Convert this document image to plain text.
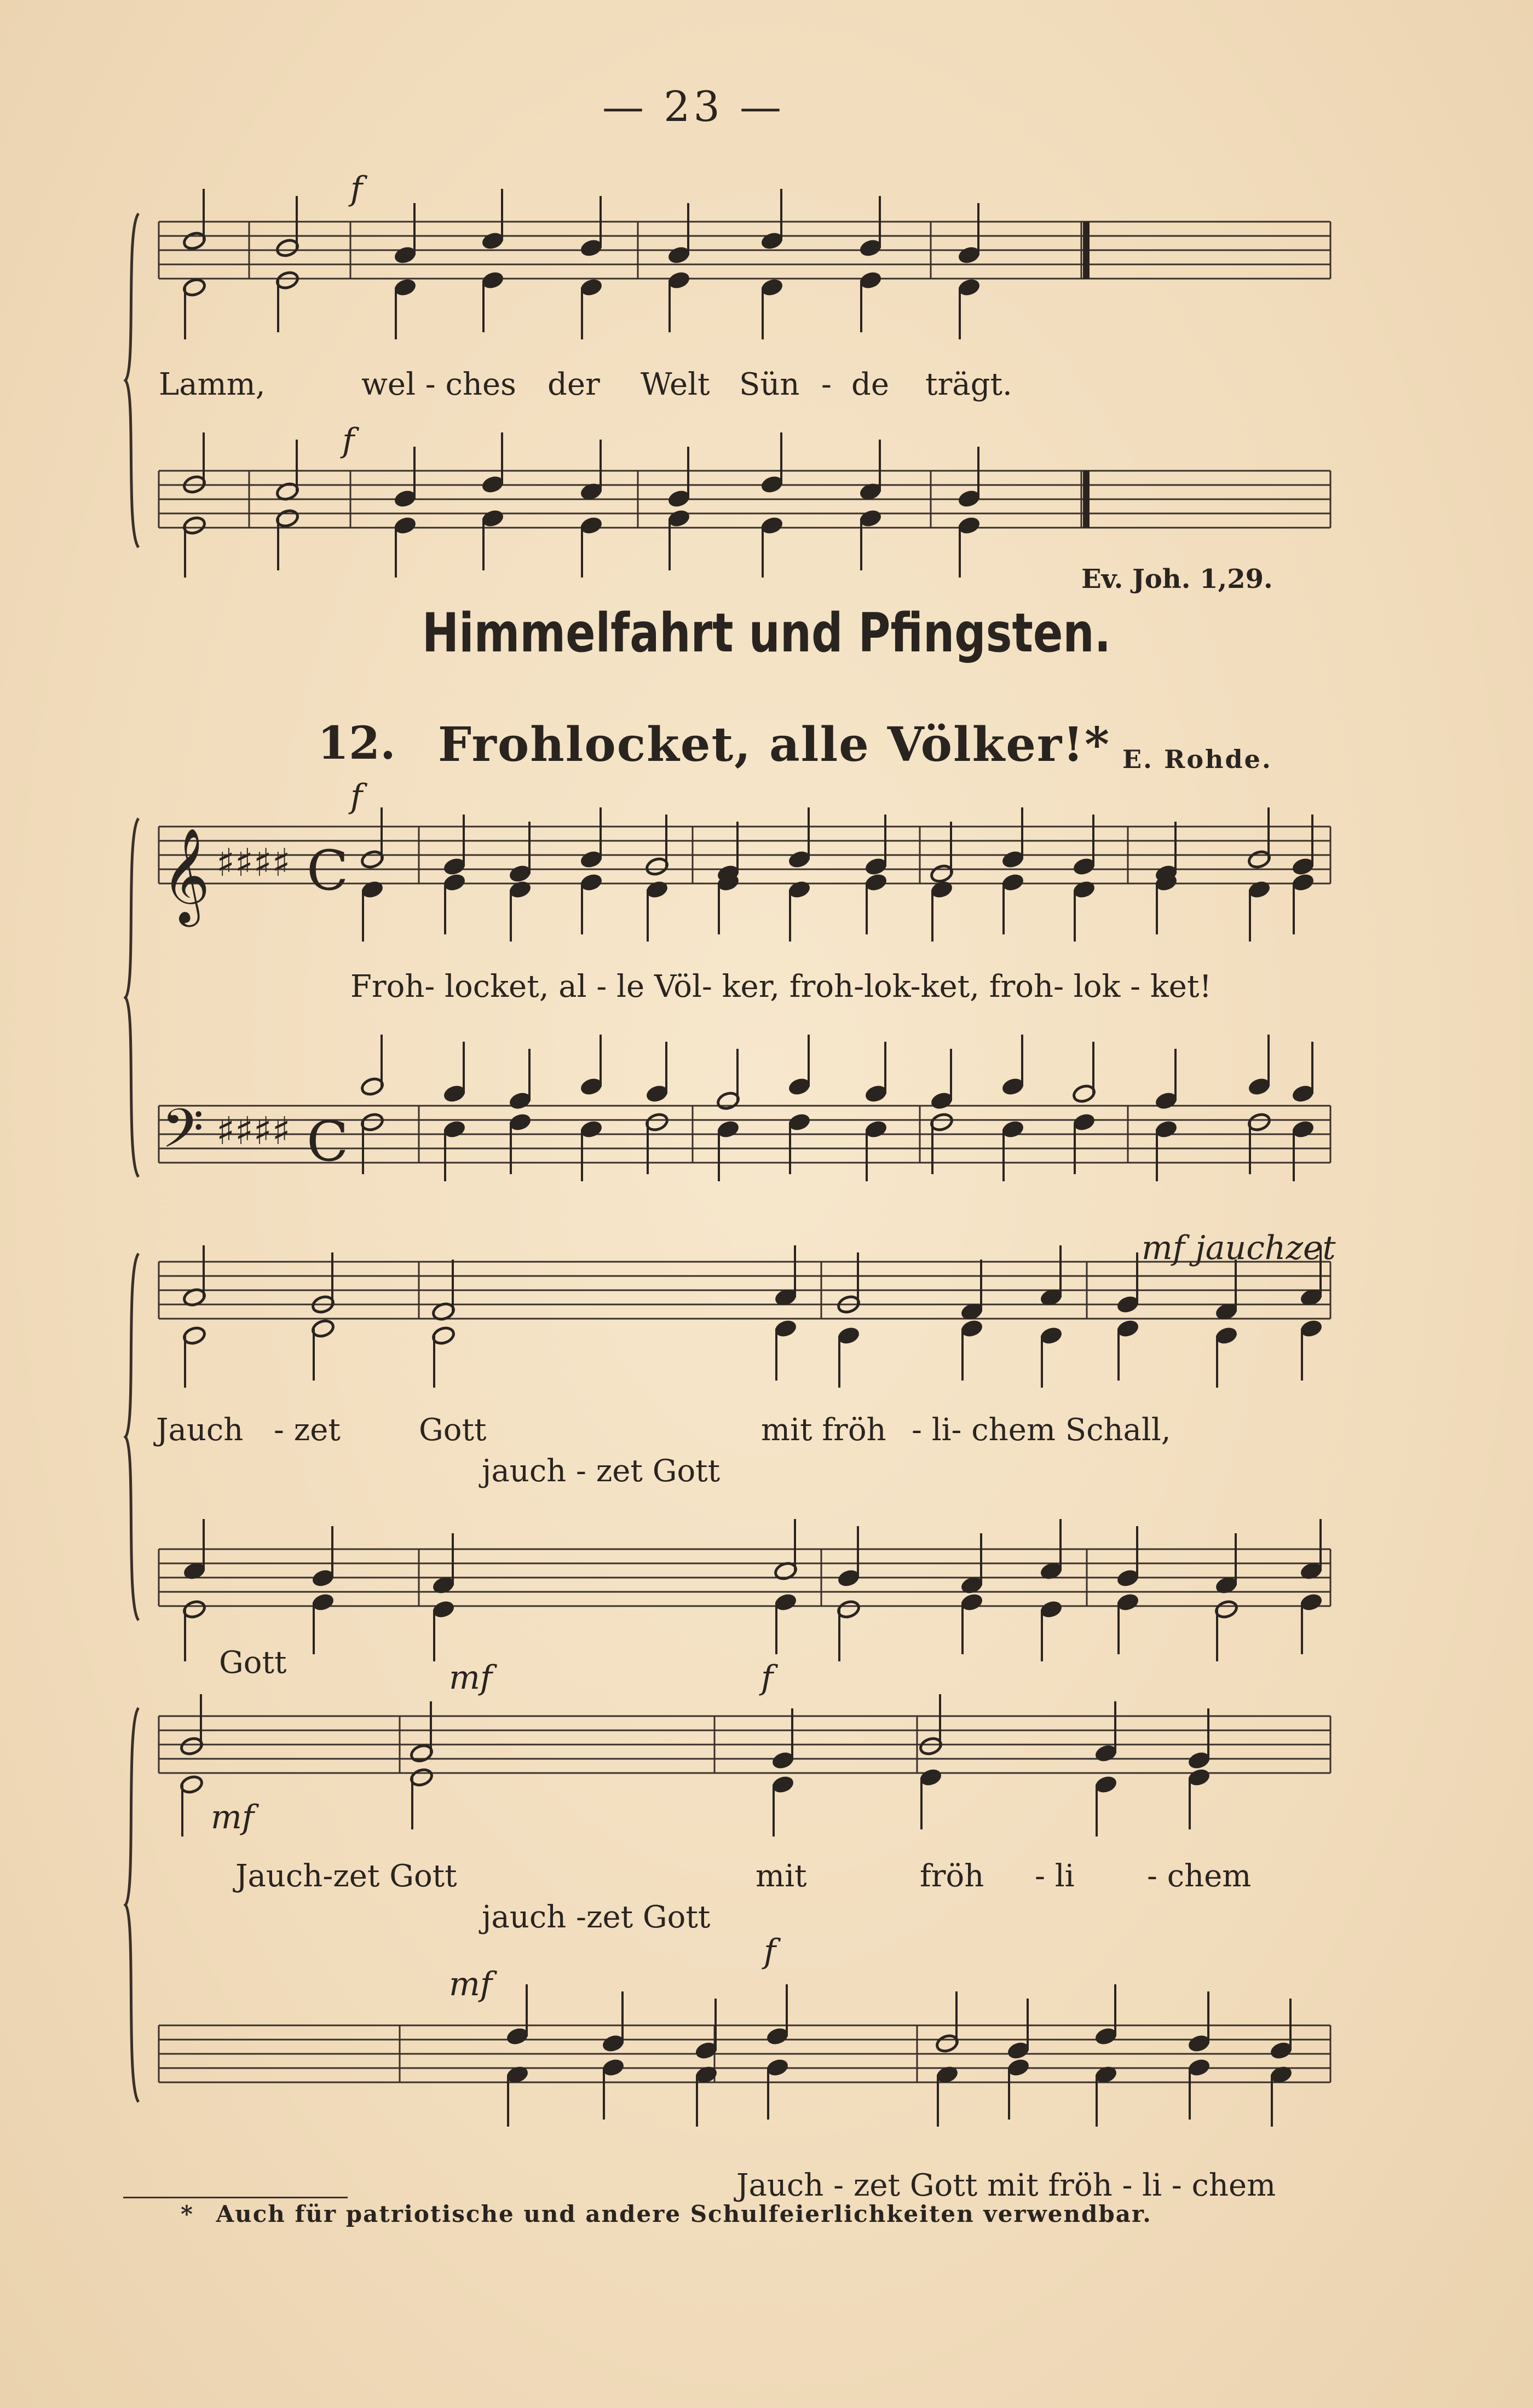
𝄞 ♯♯♯♯ C
𝄢 ♯♯♯♯ C
— 23 —
Lamm,	wel - ches der Welt Sün - de trägt.
f
f
Ev. Joh. 1,29.
Himmelfahrt und Pfingsten.
12. Frohlocket, alle Völker!* E. Rohde.
f
Froh- locket, al - le Völ- ker, froh-lok-ket, froh- lok - ket!
mf jauchzet
Jauch - zet	Gott	mit fröh - li- chem Schall,
jauch ‑ zet Gott
Gott	mf
mf
f
mf
f
Jauch-zet Gott	mit	fröh - li - chem
jauch -zet Gott
Jauch - zet Gott mit fröh - li - chem
* Auch für patriotische und andere Schulfeierlichkeiten verwendbar.
